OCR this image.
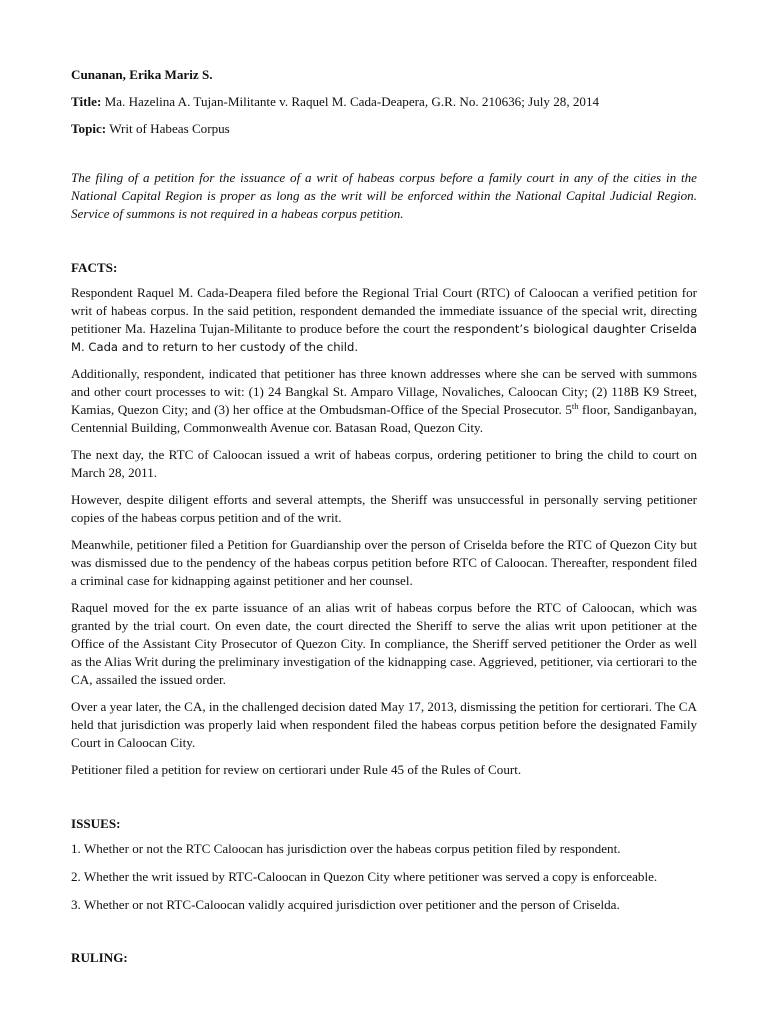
Cunanan, Erika Mariz S.
Title: Ma. Hazelina A. Tujan-Militante v. Raquel M. Cada-Deapera, G.R. No. 210636; July 28, 2014
Topic: Writ of Habeas Corpus
The filing of a petition for the issuance of a writ of habeas corpus before a family court in any of the cities in the National Capital Region is proper as long as the writ will be enforced within the National Capital Judicial Region. Service of summons is not required in a habeas corpus petition.
FACTS:
Respondent Raquel M. Cada-Deapera filed before the Regional Trial Court (RTC) of Caloocan a verified petition for writ of habeas corpus. In the said petition, respondent demanded the immediate issuance of the special writ, directing petitioner Ma. Hazelina Tujan-Militante to produce before the court the respondent’s biological daughter Criselda M. Cada and to return to her custody of the child.
Additionally, respondent, indicated that petitioner has three known addresses where she can be served with summons and other court processes to wit: (1) 24 Bangkal St. Amparo Village, Novaliches, Caloocan City; (2) 118B K9 Street, Kamias, Quezon City; and (3) her office at the Ombudsman-Office of the Special Prosecutor. 5th floor, Sandiganbayan, Centennial Building, Commonwealth Avenue cor. Batasan Road, Quezon City.
The next day, the RTC of Caloocan issued a writ of habeas corpus, ordering petitioner to bring the child to court on March 28, 2011.
However, despite diligent efforts and several attempts, the Sheriff was unsuccessful in personally serving petitioner copies of the habeas corpus petition and of the writ.
Meanwhile, petitioner filed a Petition for Guardianship over the person of Criselda before the RTC of Quezon City but was dismissed due to the pendency of the habeas corpus petition before RTC of Caloocan. Thereafter, respondent filed a criminal case for kidnapping against petitioner and her counsel.
Raquel moved for the ex parte issuance of an alias writ of habeas corpus before the RTC of Caloocan, which was granted by the trial court. On even date, the court directed the Sheriff to serve the alias writ upon petitioner at the Office of the Assistant City Prosecutor of Quezon City. In compliance, the Sheriff served petitioner the Order as well as the Alias Writ during the preliminary investigation of the kidnapping case. Aggrieved, petitioner, via certiorari to the CA, assailed the issued order.
Over a year later, the CA, in the challenged decision dated May 17, 2013, dismissing the petition for certiorari. The CA held that jurisdiction was properly laid when respondent filed the habeas corpus petition before the designated Family Court in Caloocan City.
Petitioner filed a petition for review on certiorari under Rule 45 of the Rules of Court.
ISSUES:
1. Whether or not the RTC Caloocan has jurisdiction over the habeas corpus petition filed by respondent.
2. Whether the writ issued by RTC-Caloocan in Quezon City where petitioner was served a copy is enforceable.
3. Whether or not RTC-Caloocan validly acquired jurisdiction over petitioner and the person of Criselda.
RULING:
